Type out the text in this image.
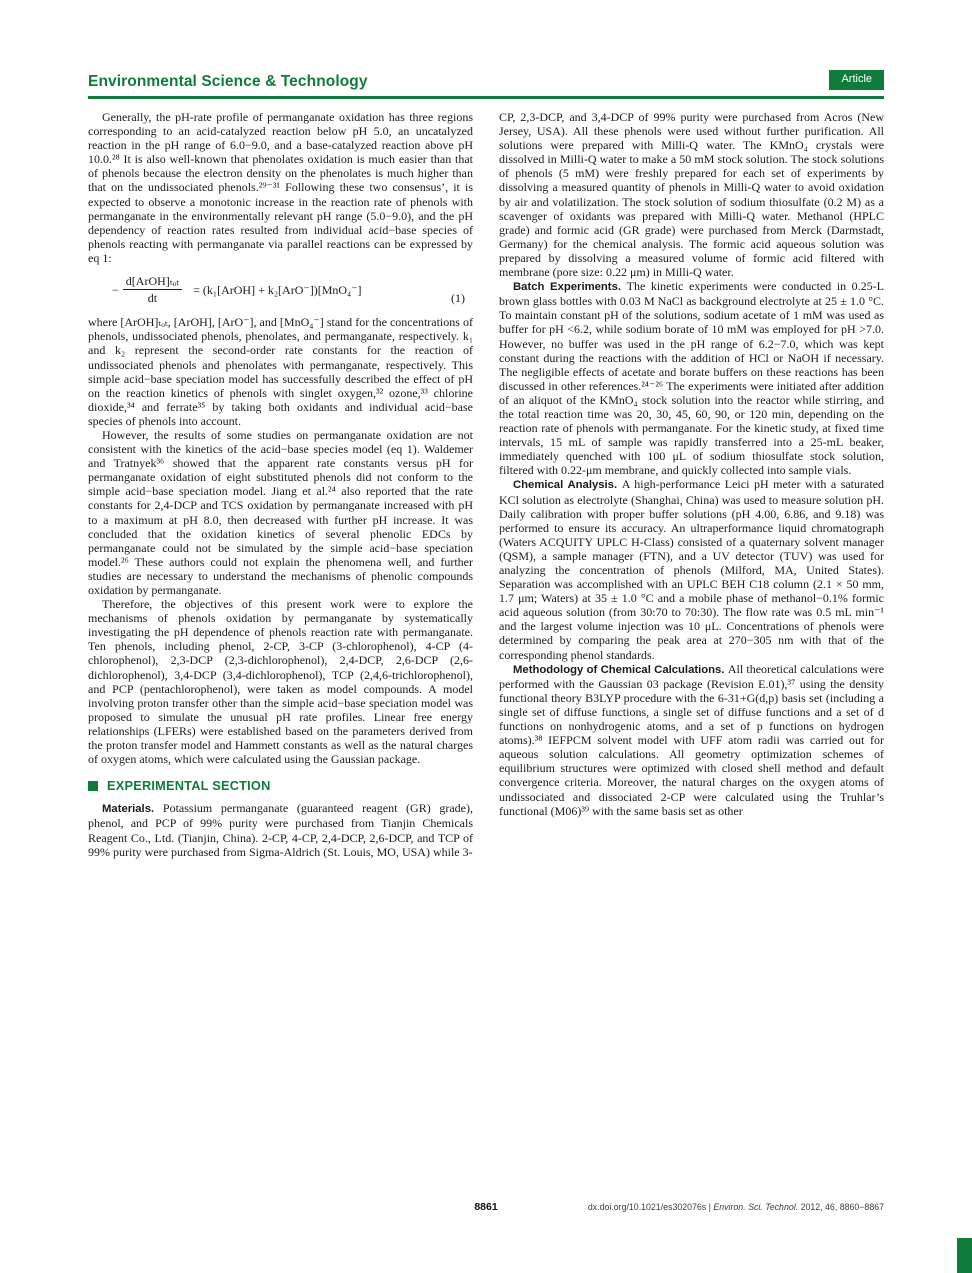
Environmental Science & Technology	Article

Generally, the pH-rate profile of permanganate oxidation has three regions corresponding to an acid-catalyzed reaction below pH 5.0, an uncatalyzed reaction in the pH range of 6.0−9.0, and a base-catalyzed reaction above pH 10.0.²⁸ It is also well-known that phenolates oxidation is much easier than that of phenols because the electron density on the phenolates is much higher than that on the undissociated phenols.²⁹⁻³¹ Following these two consensus’, it is expected to observe a monotonic increase in the reaction rate of phenols with permanganate in the environmentally relevant pH range (5.0−9.0), and the pH dependency of reaction rates resulted from individual acid−base species of phenols reacting with permanganate via parallel reactions can be expressed by eq 1:

− $\frac{\text{d[ArOH]ₜₒₜ}}{dt}$ = (k₁[ArOH] + k₂[ArO⁻])[MnO₄⁻]
(1)

where [ArOH]ₜₒₜ, [ArOH], [ArO⁻], and [MnO₄⁻] stand for the concentrations of phenols, undissociated phenols, phenolates, and permanganate, respectively. k₁ and k₂ represent the second-order rate constants for the reaction of undissociated phenols and phenolates with permanganate, respectively. This simple acid−base speciation model has successfully described the effect of pH on the reaction kinetics of phenols with singlet oxygen,³² ozone,³³ chlorine dioxide,³⁴ and ferrate³⁵ by taking both oxidants and individual acid−base species of phenols into account.

However, the results of some studies on permanganate oxidation are not consistent with the kinetics of the acid−base species model (eq 1). Waldemer and Tratnyek³⁶ showed that the apparent rate constants versus pH for permanganate oxidation of eight substituted phenols did not conform to the simple acid−base speciation model. Jiang et al.²⁴ also reported that the rate constants for 2,4-DCP and TCS oxidation by permanganate increased with pH to a maximum at pH 8.0, then decreased with further pH increase. It was concluded that the oxidation kinetics of several phenolic EDCs by permanganate could not be simulated by the simple acid−base speciation model.²⁶ These authors could not explain the phenomena well, and further studies are necessary to understand the mechanisms of phenolic compounds oxidation by permanganate.

Therefore, the objectives of this present work were to explore the mechanisms of phenols oxidation by permanganate by systematically investigating the pH dependence of phenols reaction rate with permanganate. Ten phenols, including phenol, 2-CP, 3-CP (3-chlorophenol), 4-CP (4-chlorophenol), 2,3-DCP (2,3-dichlorophenol), 2,4-DCP, 2,6-DCP (2,6-dichlorophenol), 3,4-DCP (3,4-dichlorophenol), TCP (2,4,6-trichlorophenol), and PCP (pentachlorophenol), were taken as model compounds. A model involving proton transfer other than the simple acid−base speciation model was proposed to simulate the unusual pH rate profiles. Linear free energy relationships (LFERs) were established based on the parameters derived from the proton transfer model and Hammett constants as well as the natural charges of oxygen atoms, which were calculated using the Gaussian package.

EXPERIMENTAL SECTION

Materials. Potassium permanganate (guaranteed reagent (GR) grade), phenol, and PCP of 99% purity were purchased from Tianjin Chemicals Reagent Co., Ltd. (Tianjin, China). 2-CP, 4-CP, 2,4-DCP, 2,6-DCP, and TCP of 99% purity were purchased from Sigma-Aldrich (St. Louis, MO, USA) while 3-

CP, 2,3-DCP, and 3,4-DCP of 99% purity were purchased from Acros (New Jersey, USA). All these phenols were used without further purification. All solutions were prepared with Milli-Q water. The KMnO₄ crystals were dissolved in Milli-Q water to make a 50 mM stock solution. The stock solutions of phenols (5 mM) were freshly prepared for each set of experiments by dissolving a measured quantity of phenols in Milli-Q water to avoid oxidation by air and volatilization. The stock solution of sodium thiosulfate (0.2 M) as a scavenger of oxidants was prepared with Milli-Q water. Methanol (HPLC grade) and formic acid (GR grade) were purchased from Merck (Darmstadt, Germany) for the chemical analysis. The formic acid aqueous solution was prepared by dissolving a measured volume of formic acid filtered with membrane (pore size: 0.22 μm) in Milli-Q water.

Batch Experiments. The kinetic experiments were conducted in 0.25-L brown glass bottles with 0.03 M NaCl as background electrolyte at 25 ± 1.0 °C. To maintain constant pH of the solutions, sodium acetate of 1 mM was used as buffer for pH <6.2, while sodium borate of 10 mM was employed for pH >7.0. However, no buffer was used in the pH range of 6.2−7.0, which was kept constant during the reactions with the addition of HCl or NaOH if necessary. The negligible effects of acetate and borate buffers on these reactions has been discussed in other references.²⁴⁻²⁶ The experiments were initiated after addition of an aliquot of the KMnO₄ stock solution into the reactor while stirring, and the total reaction time was 20, 30, 45, 60, 90, or 120 min, depending on the reaction rate of phenols with permanganate. For the kinetic study, at fixed time intervals, 15 mL of sample was rapidly transferred into a 25-mL beaker, immediately quenched with 100 μL of sodium thiosulfate stock solution, filtered with 0.22-μm membrane, and quickly collected into sample vials.

Chemical Analysis. A high-performance Leici pH meter with a saturated KCl solution as electrolyte (Shanghai, China) was used to measure solution pH. Daily calibration with proper buffer solutions (pH 4.00, 6.86, and 9.18) was performed to ensure its accuracy. An ultraperformance liquid chromatograph (Waters ACQUITY UPLC H-Class) consisted of a quaternary solvent manager (QSM), a sample manager (FTN), and a UV detector (TUV) was used for analyzing the concentration of phenols (Milford, MA, United States). Separation was accomplished with an UPLC BEH C18 column (2.1 × 50 mm, 1.7 μm; Waters) at 35 ± 1.0 °C and a mobile phase of methanol−0.1% formic acid aqueous solution (from 30:70 to 70:30). The flow rate was 0.5 mL min⁻¹ and the largest volume injection was 10 μL. Concentrations of phenols were determined by comparing the peak area at 270−305 nm with that of the corresponding phenol standards.

Methodology of Chemical Calculations. All theoretical calculations were performed with the Gaussian 03 package (Revision E.01),³⁷ using the density functional theory B3LYP procedure with the 6-31+G(d,p) basis set (including a single set of diffuse functions, a single set of diffuse functions and a set of d functions on nonhydrogenic atoms, and a set of p functions on hydrogen atoms).³⁸ IEFPCM solvent model with UFF atom radii was carried out for aqueous solution calculations. All geometry optimization schemes of equilibrium structures were optimized with closed shell method and default convergence criteria. Moreover, the natural charges on the oxygen atoms of undissociated and dissociated 2-CP were calculated using the Truhlar’s functional (M06)³⁹ with the same basis set as other

8861	dx.doi.org/10.1021/es302076s | Environ. Sci. Technol. 2012, 46, 8860−8867
